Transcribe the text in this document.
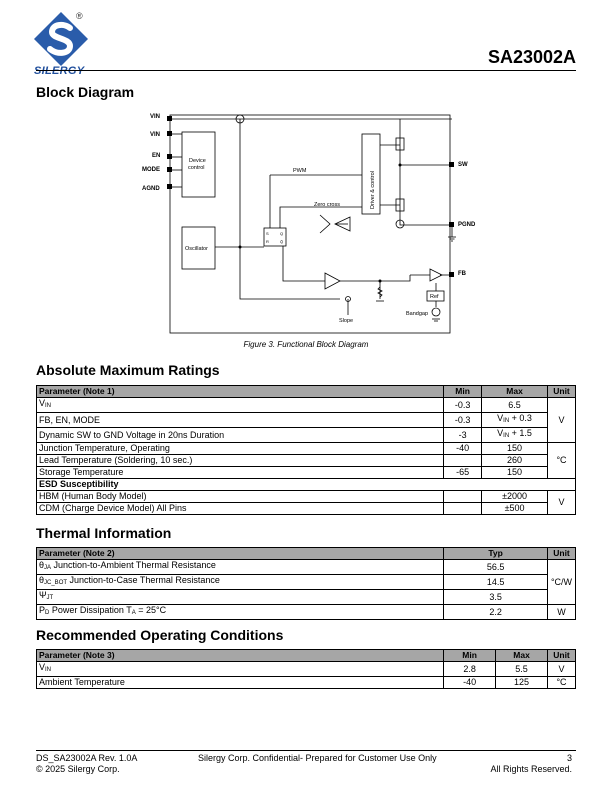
SILERGY
®
SA23002A
Block Diagram
VIN
VIN
EN
MODE
AGND
SW
PGND
FB
Device
control
Oscillator
Driver & control
Ref
PWM
Zero cross
Slope
Bandgap
S
R
Q
Q̄
Figure 3. Functional Block Diagram
Absolute Maximum Ratings
Parameter (Note 1)	Min	Max	Unit
VIN	-0.3	6.5	V
FB, EN, MODE	-0.3	VIN + 0.3	
Dynamic SW to GND Voltage in 20ns Duration	-3	VIN + 1.5	
Junction Temperature, Operating	-40	150	°C
Lead Temperature (Soldering, 10 sec.)		260	
Storage Temperature	-65	150	
ESD Susceptibility			
HBM (Human Body Model)		±2000	V
CDM (Charge Device Model) All Pins		±500	
Thermal Information
Parameter (Note 2)	Typ	Unit
θJA Junction-to-Ambient Thermal Resistance	56.5	°C/W
θJC_BOT Junction-to-Case Thermal Resistance	14.5	
ΨJT	3.5	
PD Power Dissipation TA = 25°C	2.2	W
Recommended Operating Conditions
Parameter (Note 3)	Min	Max	Unit
VIN	2.8	5.5	V
Ambient Temperature	-40	125	°C
DS_SA23002A Rev. 1.0A
© 2025 Silergy Corp.
Silergy Corp. Confidential- Prepared for Customer Use Only	3
All Rights Reserved.
